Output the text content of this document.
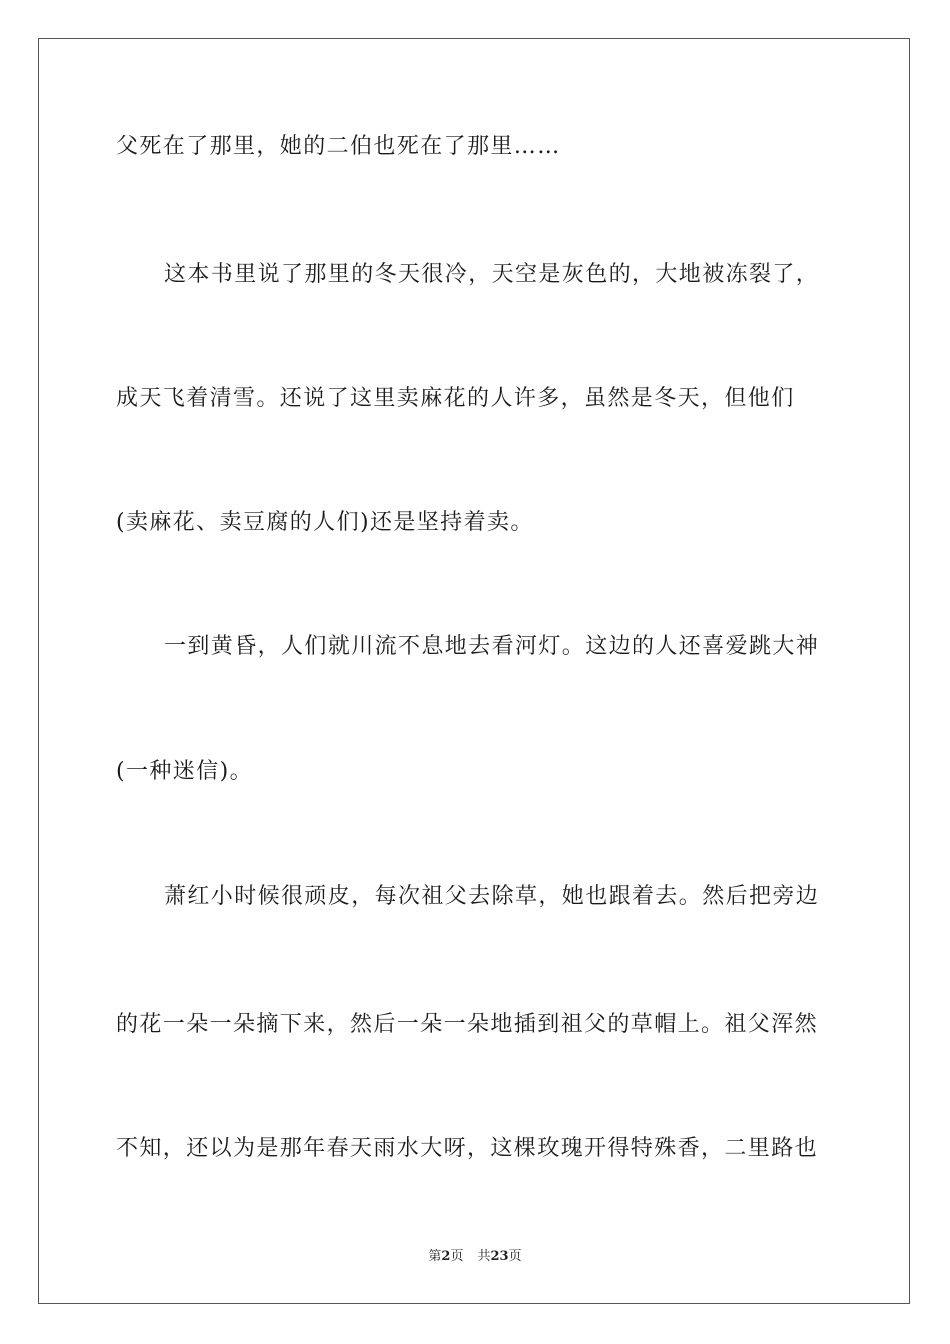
父死在了那里，她的二伯也死在了那里……
这本书里说了那里的冬天很冷，天空是灰色的，大地被冻裂了，
成天飞着清雪。还说了这里卖麻花的人许多，虽然是冬天，但他们
(卖麻花、卖豆腐的人们)还是坚持着卖。
一到黄昏，人们就川流不息地去看河灯。这边的人还喜爱跳大神
(一种迷信)。
萧红小时候很顽皮，每次祖父去除草，她也跟着去。然后把旁边
的花一朵一朵摘下来，然后一朵一朵地插到祖父的草帽上。祖父浑然
不知，还以为是那年春天雨水大呀，这棵玫瑰开得特殊香，二里路也
第2页 共23页
